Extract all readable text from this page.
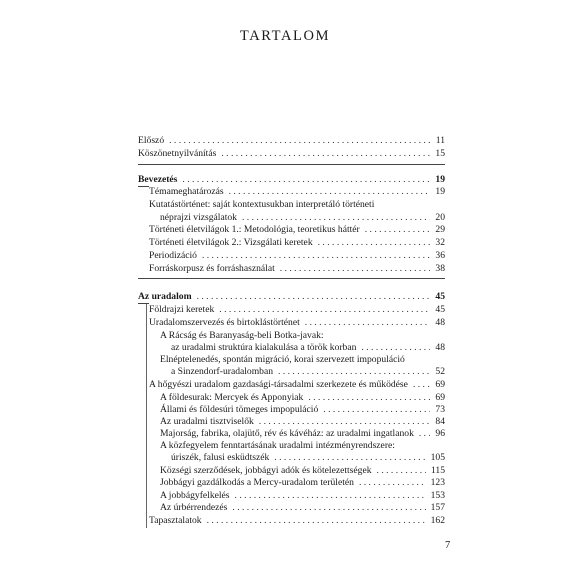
TARTALOM
Előszó . . .	11
Köszönetnyilvánítás . . .	15
Bevezetés . . .	19
Témameghatározás . . .	19
Kutatástörténet: saját kontextusukban interpretáló történeti
néprajzi vizsgálatok . . .	20
Történeti életvilágok 1.: Metodológia, teoretikus háttér . . .	29
Történeti életvilágok 2.: Vizsgálati keretek . . .	32
Periodizáció . . .	36
Forráskorpusz és forráshasználat . . .	38
Az uradalom . . .	45
Földrajzi keretek . . .	45
Uradalomszervezés és birtoklástörténet . . .	48
A Rácság és Baranyaság-beli Botka-javak:
az uradalmi struktúra kialakulása a török korban . . .	48
Elnéptelenedés, spontán migráció, korai szervezett impopuláció
a Sinzendorf-uradalomban . . .	52
A hőgyészi uradalom gazdasági-társadalmi szerkezete és működése . . .	69
A földesurak: Mercyek és Apponyiak . . .	69
Állami és földesúri tömeges impopuláció . . .	73
Az uradalmi tisztviselők . . .	84
Majorság, fabrika, olajütő, rév és kávéház: az uradalmi ingatlanok . . . 96
A közfegyelem fenntartásának uradalmi intézményrendszere:
úriszék, falusi esküdtszék . . .	105
Községi szerződések, jobbágyi adók és kötelezettségek . . .	115
Jobbágyi gazdálkodás a Mercy-uradalom területén . . .	123
A jobbágyfelkelés . . .	153
Az úrbérrendezés . . .	157
Tapasztalatok . . .	162
7
